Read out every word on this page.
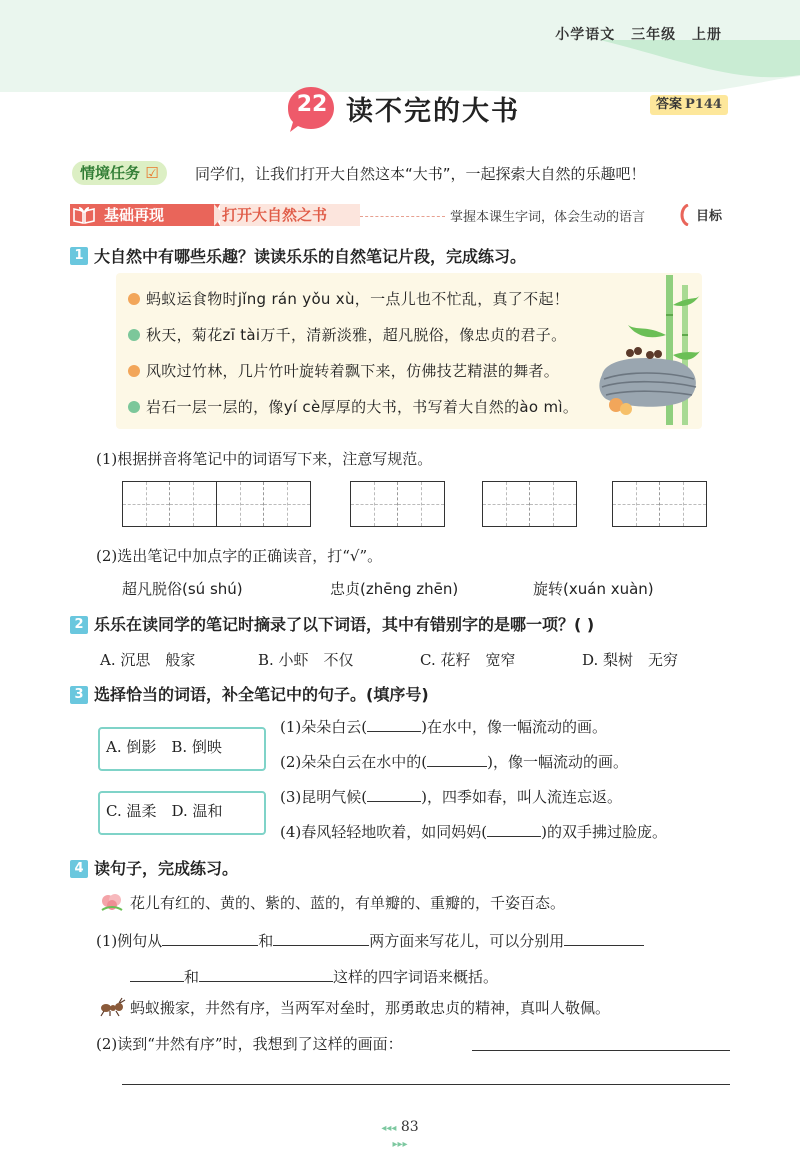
小学语文 三年级 上册
22 读不完的大书	答案 P144
情境任务 ☑	同学们，让我们打开大自然这本“大书”，一起探索大自然的乐趣吧！
基础再现	打开大自然之书	掌握本课生字词，体会生动的语言	目标
1 大自然中有哪些乐趣？读读乐乐的自然笔记片段，完成练习。
蚂蚁运食物时jǐng rán yǒu xù，一点儿也不忙乱，真了不起！
秋天，菊花zī tài万千，清新淡雅，超凡脱俗，像忠贞的君子。
风吹过竹林，几片竹叶旋转着飘下来，仿佛技艺精湛的舞者。
岩石一层一层的，像yí cè厚厚的大书，书写着大自然的ào mì。
(1)根据拼音将笔记中的词语写下来，注意写规范。
(2)选出笔记中加点字的正确读音，打“√”。
超凡脱俗(sú shú)	忠贞(zhēng zhēn)	旋转(xuán xuàn)
2 乐乐在读同学的笔记时摘录了以下词语，其中有错别字的是哪一项？( )
A. 沉思　般家	B. 小虾　不仅	C. 花籽　宽窄	D. 梨树　无穷
3 选择恰当的词语，补全笔记中的句子。(填序号)
A. 倒影　B. 倒映
C. 温柔　D. 温和
(1)朵朵白云(	)在水中，像一幅流动的画。
(2)朵朵白云在水中的(	)，像一幅流动的画。
(3)昆明气候(	)，四季如春，叫人流连忘返。
(4)春风轻轻地吹着，如同妈妈(	)的双手拂过脸庞。
4 读句子，完成练习。
花儿有红的、黄的、紫的、蓝的，有单瓣的、重瓣的，千姿百态。
(1)例句从	和	两方面来写花儿，可以分别用
和	这样的四字词语来概括。
蚂蚁搬家，井然有序，当两军对垒时，那勇敢忠贞的精神，真叫人敬佩。
(2)读到“井然有序”时，我想到了这样的画面：
◂◂◂ 83 ▸▸▸
